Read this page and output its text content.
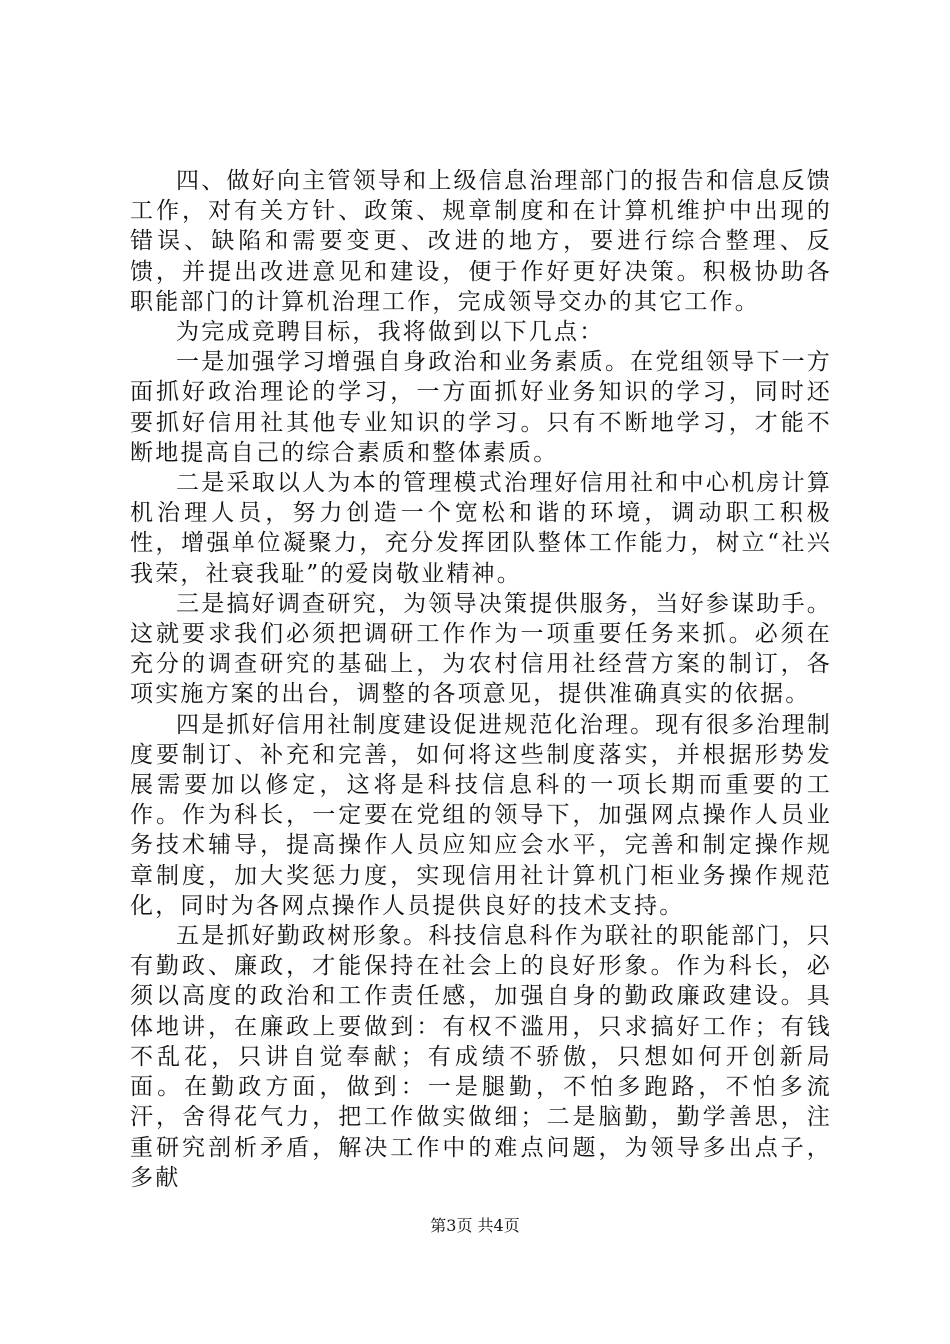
四、做好向主管领导和上级信息治理部门的报告和信息反馈工作，对有关方针、政策、规章制度和在计算机维护中出现的错误、缺陷和需要变更、改进的地方，要进行综合整理、反馈，并提出改进意见和建设，便于作好更好决策。积极协助各职能部门的计算机治理工作，完成领导交办的其它工作。

为完成竞聘目标，我将做到以下几点：

一是加强学习增强自身政治和业务素质。在党组领导下一方面抓好政治理论的学习，一方面抓好业务知识的学习，同时还要抓好信用社其他专业知识的学习。只有不断地学习，才能不断地提高自己的综合素质和整体素质。

二是采取以人为本的管理模式治理好信用社和中心机房计算机治理人员，努力创造一个宽松和谐的环境，调动职工积极性，增强单位凝聚力，充分发挥团队整体工作能力，树立“社兴我荣，社衰我耻”的爱岗敬业精神。

三是搞好调查研究，为领导决策提供服务，当好参谋助手。这就要求我们必须把调研工作作为一项重要任务来抓。必须在充分的调查研究的基础上，为农村信用社经营方案的制订，各项实施方案的出台，调整的各项意见，提供准确真实的依据。

四是抓好信用社制度建设促进规范化治理。现有很多治理制度要制订、补充和完善，如何将这些制度落实，并根据形势发展需要加以修定，这将是科技信息科的一项长期而重要的工作。作为科长，一定要在党组的领导下，加强网点操作人员业务技术辅导，提高操作人员应知应会水平，完善和制定操作规章制度，加大奖惩力度，实现信用社计算机门柜业务操作规范化，同时为各网点操作人员提供良好的技术支持。

五是抓好勤政树形象。科技信息科作为联社的职能部门，只有勤政、廉政，才能保持在社会上的良好形象。作为科长，必须以高度的政治和工作责任感，加强自身的勤政廉政建设。具体地讲，在廉政上要做到：有权不滥用，只求搞好工作；有钱不乱花，只讲自觉奉献；有成绩不骄傲，只想如何开创新局面。在勤政方面，做到：一是腿勤，不怕多跑路，不怕多流汗，舍得花气力，把工作做实做细；二是脑勤，勤学善思，注重研究剖析矛盾，解决工作中的难点问题，为领导多出点子，多献

第3页 共4页
